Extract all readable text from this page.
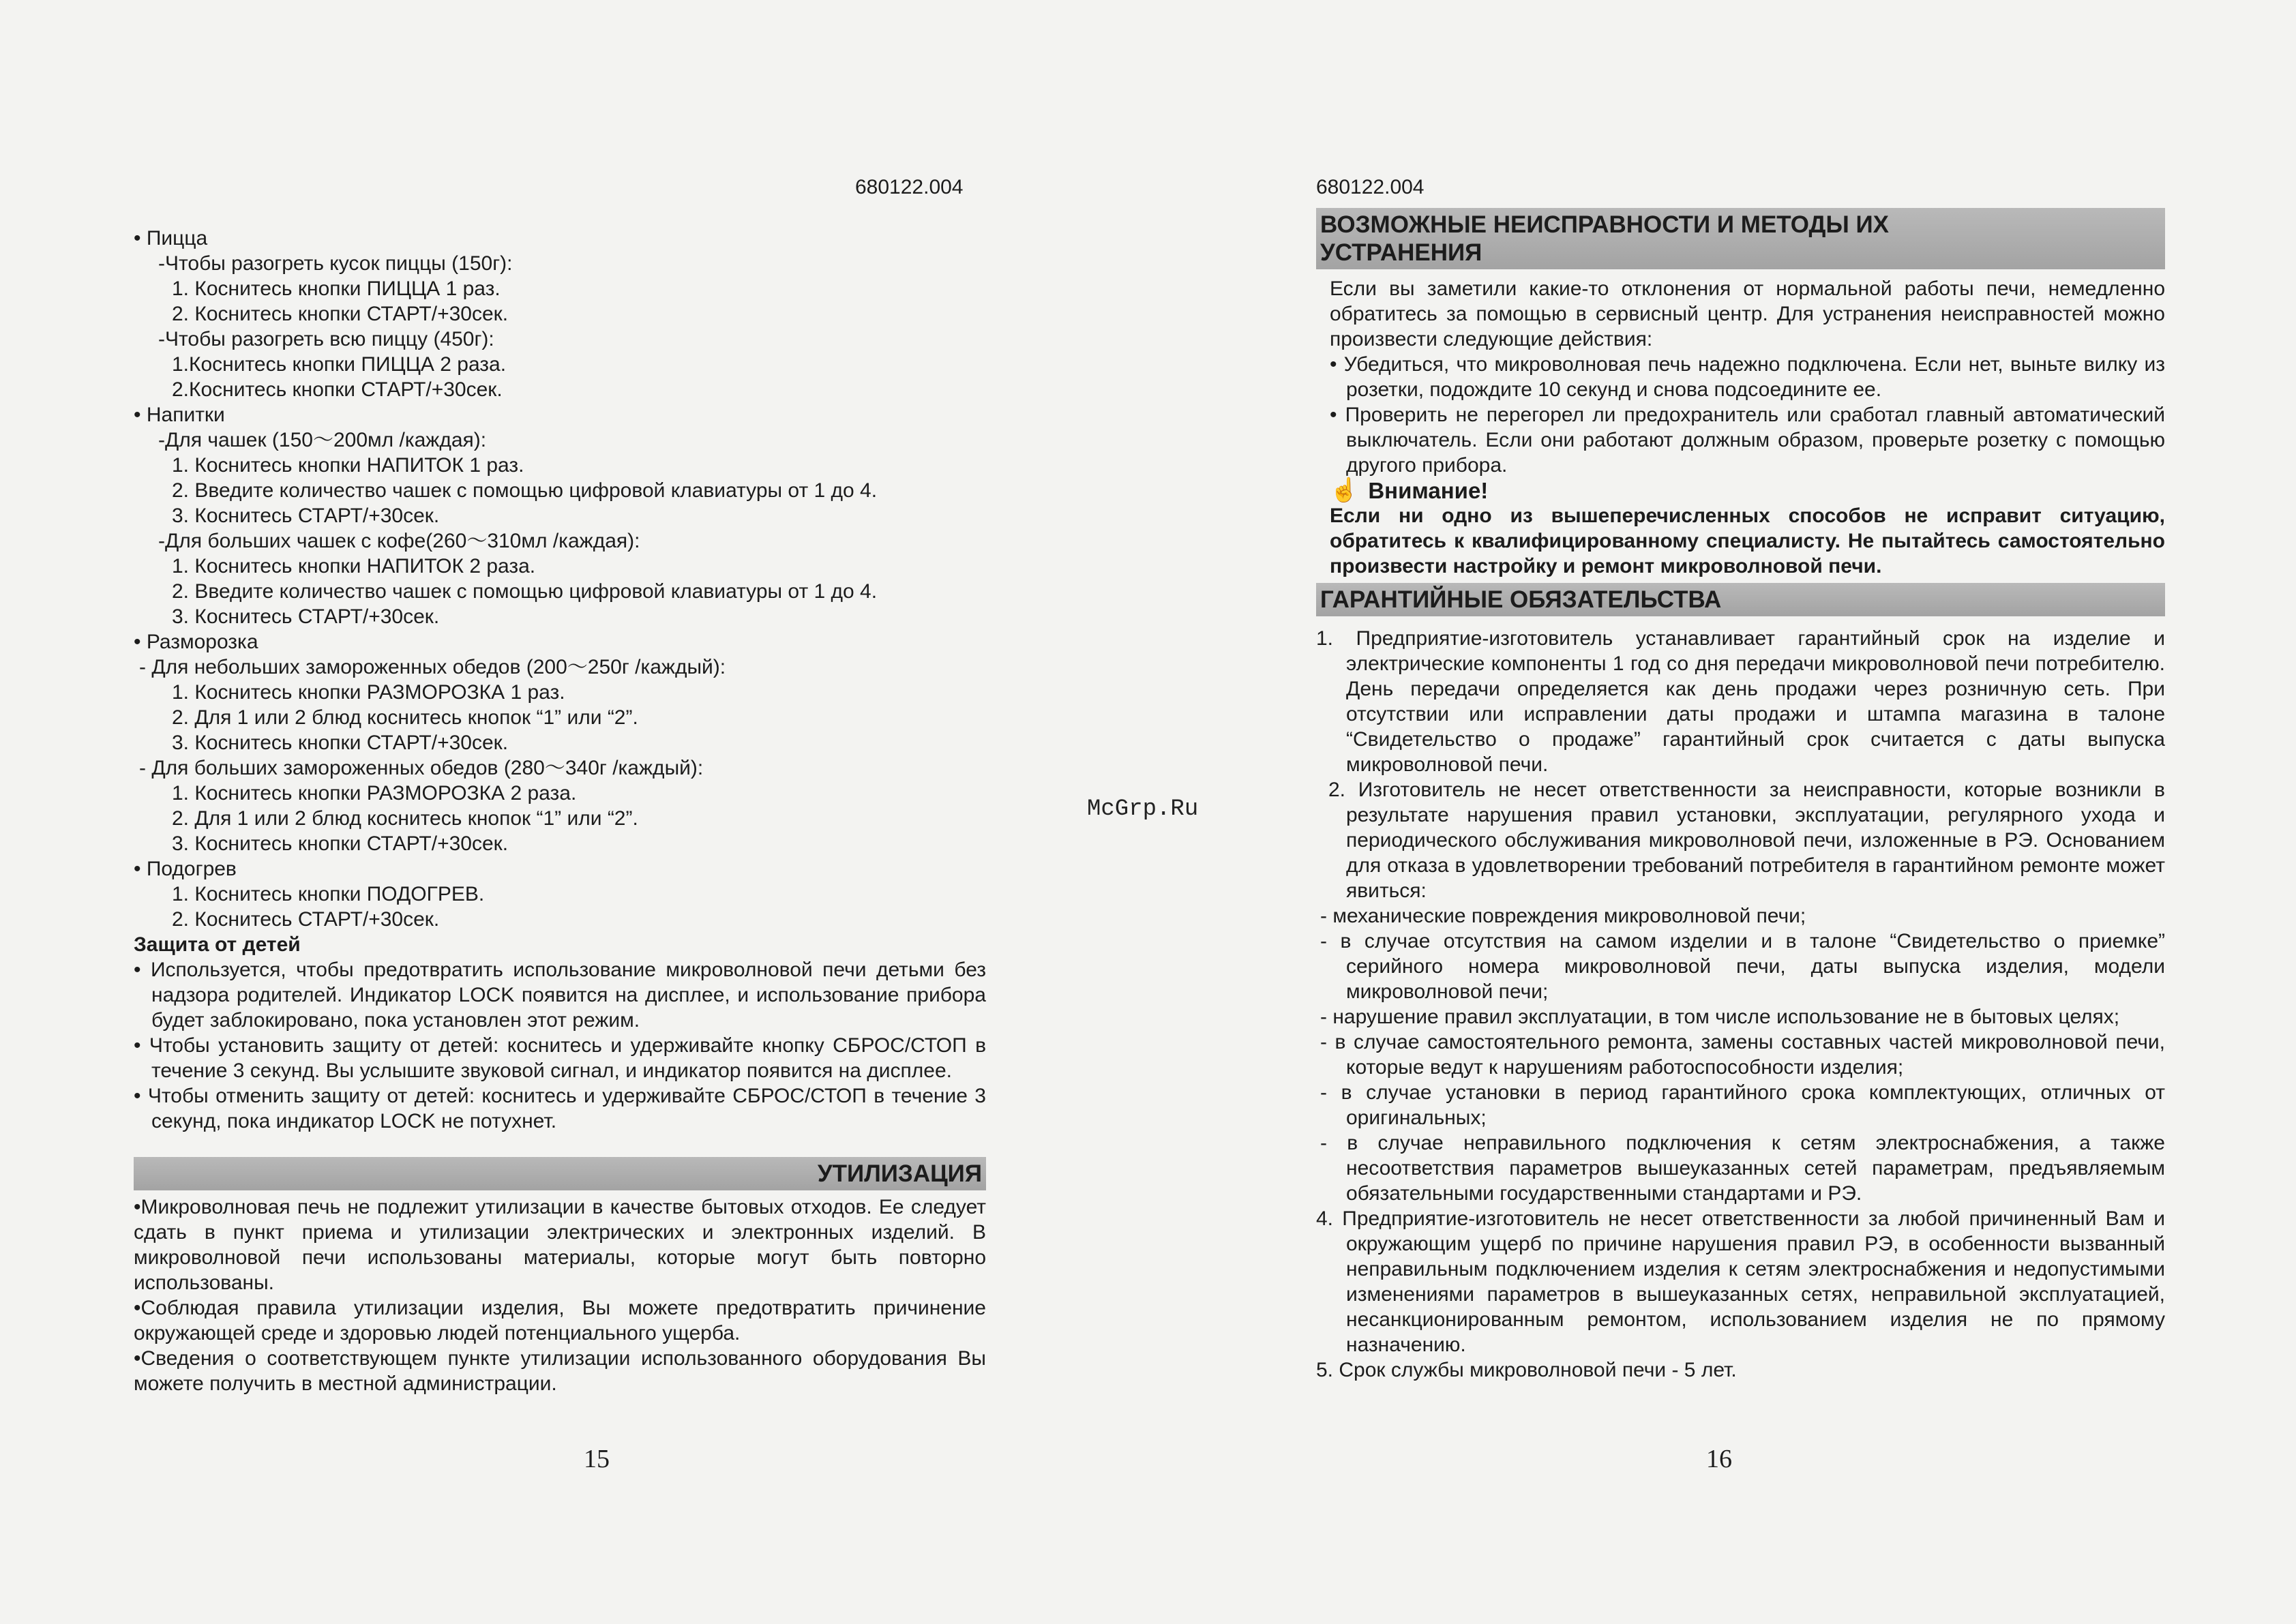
680122.004
• Пицца
-Чтобы разогреть кусок пиццы (150г):
1. Коснитесь кнопки ПИЦЦА 1 раз.
2. Коснитесь кнопки СТАРТ/+30сек.
-Чтобы разогреть всю пиццу (450г):
1.Коснитесь кнопки ПИЦЦА 2 раза.
2.Коснитесь кнопки СТАРТ/+30сек.
• Напитки
-Для чашек (150～200мл /каждая):
1. Коснитесь кнопки НАПИТОК 1 раз.
2. Введите количество чашек с помощью цифровой клавиатуры от 1 до 4.
3. Коснитесь СТАРТ/+30сек.
-Для больших чашек с кофе(260～310мл /каждая):
1. Коснитесь кнопки НАПИТОК 2 раза.
2. Введите количество чашек с помощью цифровой клавиатуры от 1 до 4.
3. Коснитесь СТАРТ/+30сек.
• Разморозка
- Для небольших замороженных обедов (200～250г /каждый):
1. Коснитесь кнопки РАЗМОРОЗКА 1 раз.
2. Для 1 или 2 блюд коснитесь кнопок “1” или “2”.
3. Коснитесь кнопки СТАРТ/+30сек.
- Для больших замороженных обедов (280～340г /каждый):
1. Коснитесь кнопки РАЗМОРОЗКА 2 раза.
2. Для 1 или 2 блюд коснитесь кнопок “1” или “2”.
3. Коснитесь кнопки СТАРТ/+30сек.
• Подогрев
1. Коснитесь кнопки ПОДОГРЕВ.
2. Коснитесь СТАРТ/+30сек.
Защита от детей
• Используется, чтобы предотвратить использование микроволновой печи детьми без надзора родителей. Индикатор LOCK появится на дисплее, и использование прибора будет заблокировано, пока установлен этот режим.
• Чтобы установить защиту от детей: коснитесь и удерживайте кнопку СБРОС/СТОП в течение 3 секунд. Вы услышите звуковой сигнал, и индикатор появится на дисплее.
• Чтобы отменить защиту от детей: коснитесь и удерживайте СБРОС/СТОП в течение 3 секунд, пока индикатор LOCK не потухнет.
УТИЛИЗАЦИЯ
•Микроволновая печь не подлежит утилизации в качестве бытовых отходов. Ее следует сдать в пункт приема и утилизации электрических и электронных изделий. В микроволновой печи использованы материалы, которые могут быть повторно использованы.
•Соблюдая правила утилизации изделия, Вы можете предотвратить причинение окружающей среде и здоровью людей потенциального ущерба.
•Сведения о соответствующем пункте утилизации использованного оборудования Вы можете получить в местной администрации.
15
McGrp.Ru
680122.004
ВОЗМОЖНЫЕ НЕИСПРАВНОСТИ И МЕТОДЫ ИХ
УСТРАНЕНИЯ
Если вы заметили какие-то отклонения от нормальной работы печи, немедленно обратитесь за помощью в сервисный центр. Для устранения неисправностей можно произвести следующие действия:
• Убедиться, что микроволновая печь надежно подключена. Если нет, выньте вилку из розетки, подождите 10 секунд и снова подсоедините ее.
• Проверить не перегорел ли предохранитель или сработал главный автоматический выключатель. Если они работают должным образом, проверьте розетку с помощью другого прибора.
☝ Внимание!
Если ни одно из вышеперечисленных способов не исправит ситуацию, обратитесь к квалифицированному специалисту. Не пытайтесь самостоятельно произвести настройку и ремонт микроволновой печи.
ГАРАНТИЙНЫЕ ОБЯЗАТЕЛЬСТВА
1. Предприятие-изготовитель устанавливает гарантийный срок на изделие и электрические компоненты 1 год со дня передачи микроволновой печи потребителю. День передачи определяется как день продажи через розничную сеть. При отсутствии или исправлении даты продажи и штампа магазина в талоне “Свидетельство о продаже” гарантийный срок считается с даты выпуска микроволновой печи.
2. Изготовитель не несет ответственности за неисправности, которые возникли в результате нарушения правил установки, эксплуатации, регулярного ухода и периодического обслуживания микроволновой печи, изложенные в РЭ. Основанием для отказа в удовлетворении требований потребителя в гарантийном ремонте может явиться:
- механические повреждения микроволновой печи;
- в случае отсутствия на самом изделии и в талоне “Свидетельство о приемке” серийного номера микроволновой печи, даты выпуска изделия, модели микроволновой печи;
- нарушение правил эксплуатации, в том числе использование не в бытовых целях;
- в случае самостоятельного ремонта, замены составных частей микроволновой печи, которые ведут к нарушениям работоспособности изделия;
- в случае установки в период гарантийного срока комплектующих, отличных от оригинальных;
- в случае неправильного подключения к сетям электроснабжения, а также несоответствия параметров вышеуказанных сетей параметрам, предъявляемым обязательными государственными стандартами и РЭ.
4. Предприятие-изготовитель не несет ответственности за любой причиненный Вам и окружающим ущерб по причине нарушения правил РЭ, в особенности вызванный неправильным подключением изделия к сетям электроснабжения и недопустимыми изменениями параметров в вышеуказанных сетях, неправильной эксплуатацией, несанкционированным ремонтом, использованием изделия не по прямому назначению.
5. Срок службы микроволновой печи - 5 лет.
16
